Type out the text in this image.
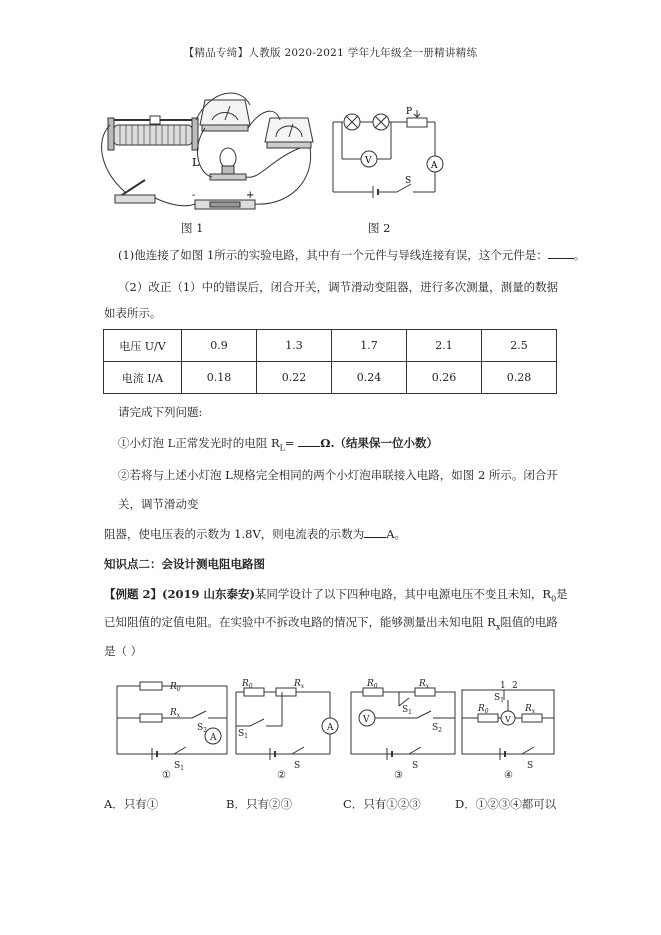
【精品专绮】人教版 2020-2021 学年九年级全一册精讲精练
L
-	+
图 1
P
V	A
S
图 2
(1)他连接了如图 1所示的实验电路，其中有一个元件与导线连接有误，这个元件是： 。
（2）改正（1）中的错误后，闭合开关，调节滑动变阻器，进行多次测量，测量的数据
如表所示。
电压 U/V	0.9	1.3	1.7	2.1	2.5
电流 I/A	0.18	0.22	0.24	0.26	0.28
请完成下列问题:
①小灯泡 L正常发光时的电阻 $R_L= \Omega$.（结果保一位小数）
②若将与上述小灯泡 L规格完全相同的两个小灯泡串联接入电路，如图 2 所示。闭合开
关，调节滑动变
阻器，使电压表的示数为 1.8V，则电流表的示数为 A。
知识点二：会设计测电阻电路图
【例题 2】(2019 山东泰安)某同学设计了以下四种电路，其中电源电压不变且未知，$R_0$是
已知阻值的定值电阻。在实验中不拆改电路的情况下，能够测量出未知电阻 $R_x$阻值的电路
是（ ）
$R_0$
$R_x$
$S_2$
A
$S_1$
①
$R_0$	$R_x$
$S_1$
A
S
②
$R_0$	$R_x$
$S_1$
V
$S_2$
S
③
1 2
$S_1$
$R_0$	$R_x$
V
S
④
A．只有①	B．只有②③	C．只有①②③	D．①②③④都可以
